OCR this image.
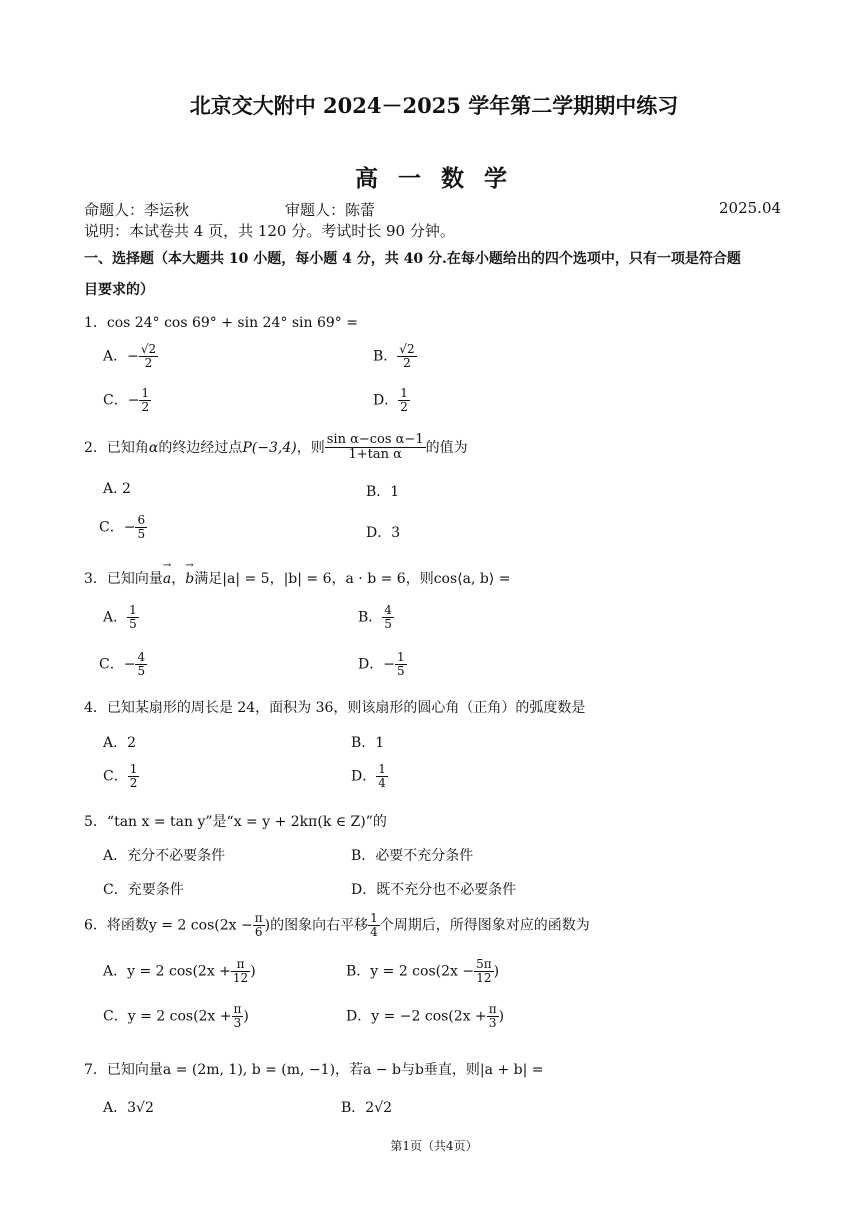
北京交大附中 2024－2025 学年第二学期期中练习
高 一 数 学
命题人：李运秋	审题人：陈蕾	2025.04
说明：本试卷共 4 页，共 120 分。考试时长 90 分钟。
一、选择题（本大题共 10 小题，每小题 4 分，共 40 分.在每小题给出的四个选项中，只有一项是符合题
目要求的）
1．cos 24° cos 69° + sin 24° sin 69° =
A．− $\frac{√2}{2}$	B． $\frac{√2}{2}$
C．− $\frac{1}{2}$	D． $\frac{1}{2}$
2．已知角α的终边经过点P(−3,4)，则 $\frac{\text{sin α−cos α−1}}{\text{1+tan α}}$ 的值为
A. 2	B．1
C．− $\frac{6}{5}$	D．3
3．已知向量→ a，→ b满足|a| = 5，|b| = 6，a · b = 6，则cos⟨a, b⟩ =
A． $\frac{1}{5}$	B． $\frac{4}{5}$
C．− $\frac{4}{5}$	D．− $\frac{1}{5}$
4．已知某扇形的周长是 24，面积为 36，则该扇形的圆心角（正角）的弧度数是
A．2	B．1
C． $\frac{1}{2}$	D． $\frac{1}{4}$
5．“tan x = tan y”是“x = y + 2kπ(k ∈ Z)”的
A．充分不必要条件	B．必要不充分条件
C．充要条件	D．既不充分也不必要条件
6．将函数y = 2 $\cos(2x - \frac{\pi}{6}$ )的图象向右平移 $\frac{1}{4}$ 个周期后，所得图象对应的函数为
A．y = 2 $\cos(2x + \frac{\pi}{12}$ )	B．y = 2 $\cos(2x - \frac{5\pi}{12}$ )
C．y = 2 $\cos(2x + \frac{\pi}{3}$ )	D．y = −2 $\cos(2x + \frac{\pi}{3}$ )
7．已知向量a = (2m, 1), b = (m, −1)，若a − b与b垂直，则|a + b| =
A．3√2	B．2√2
第1页（共4页）
